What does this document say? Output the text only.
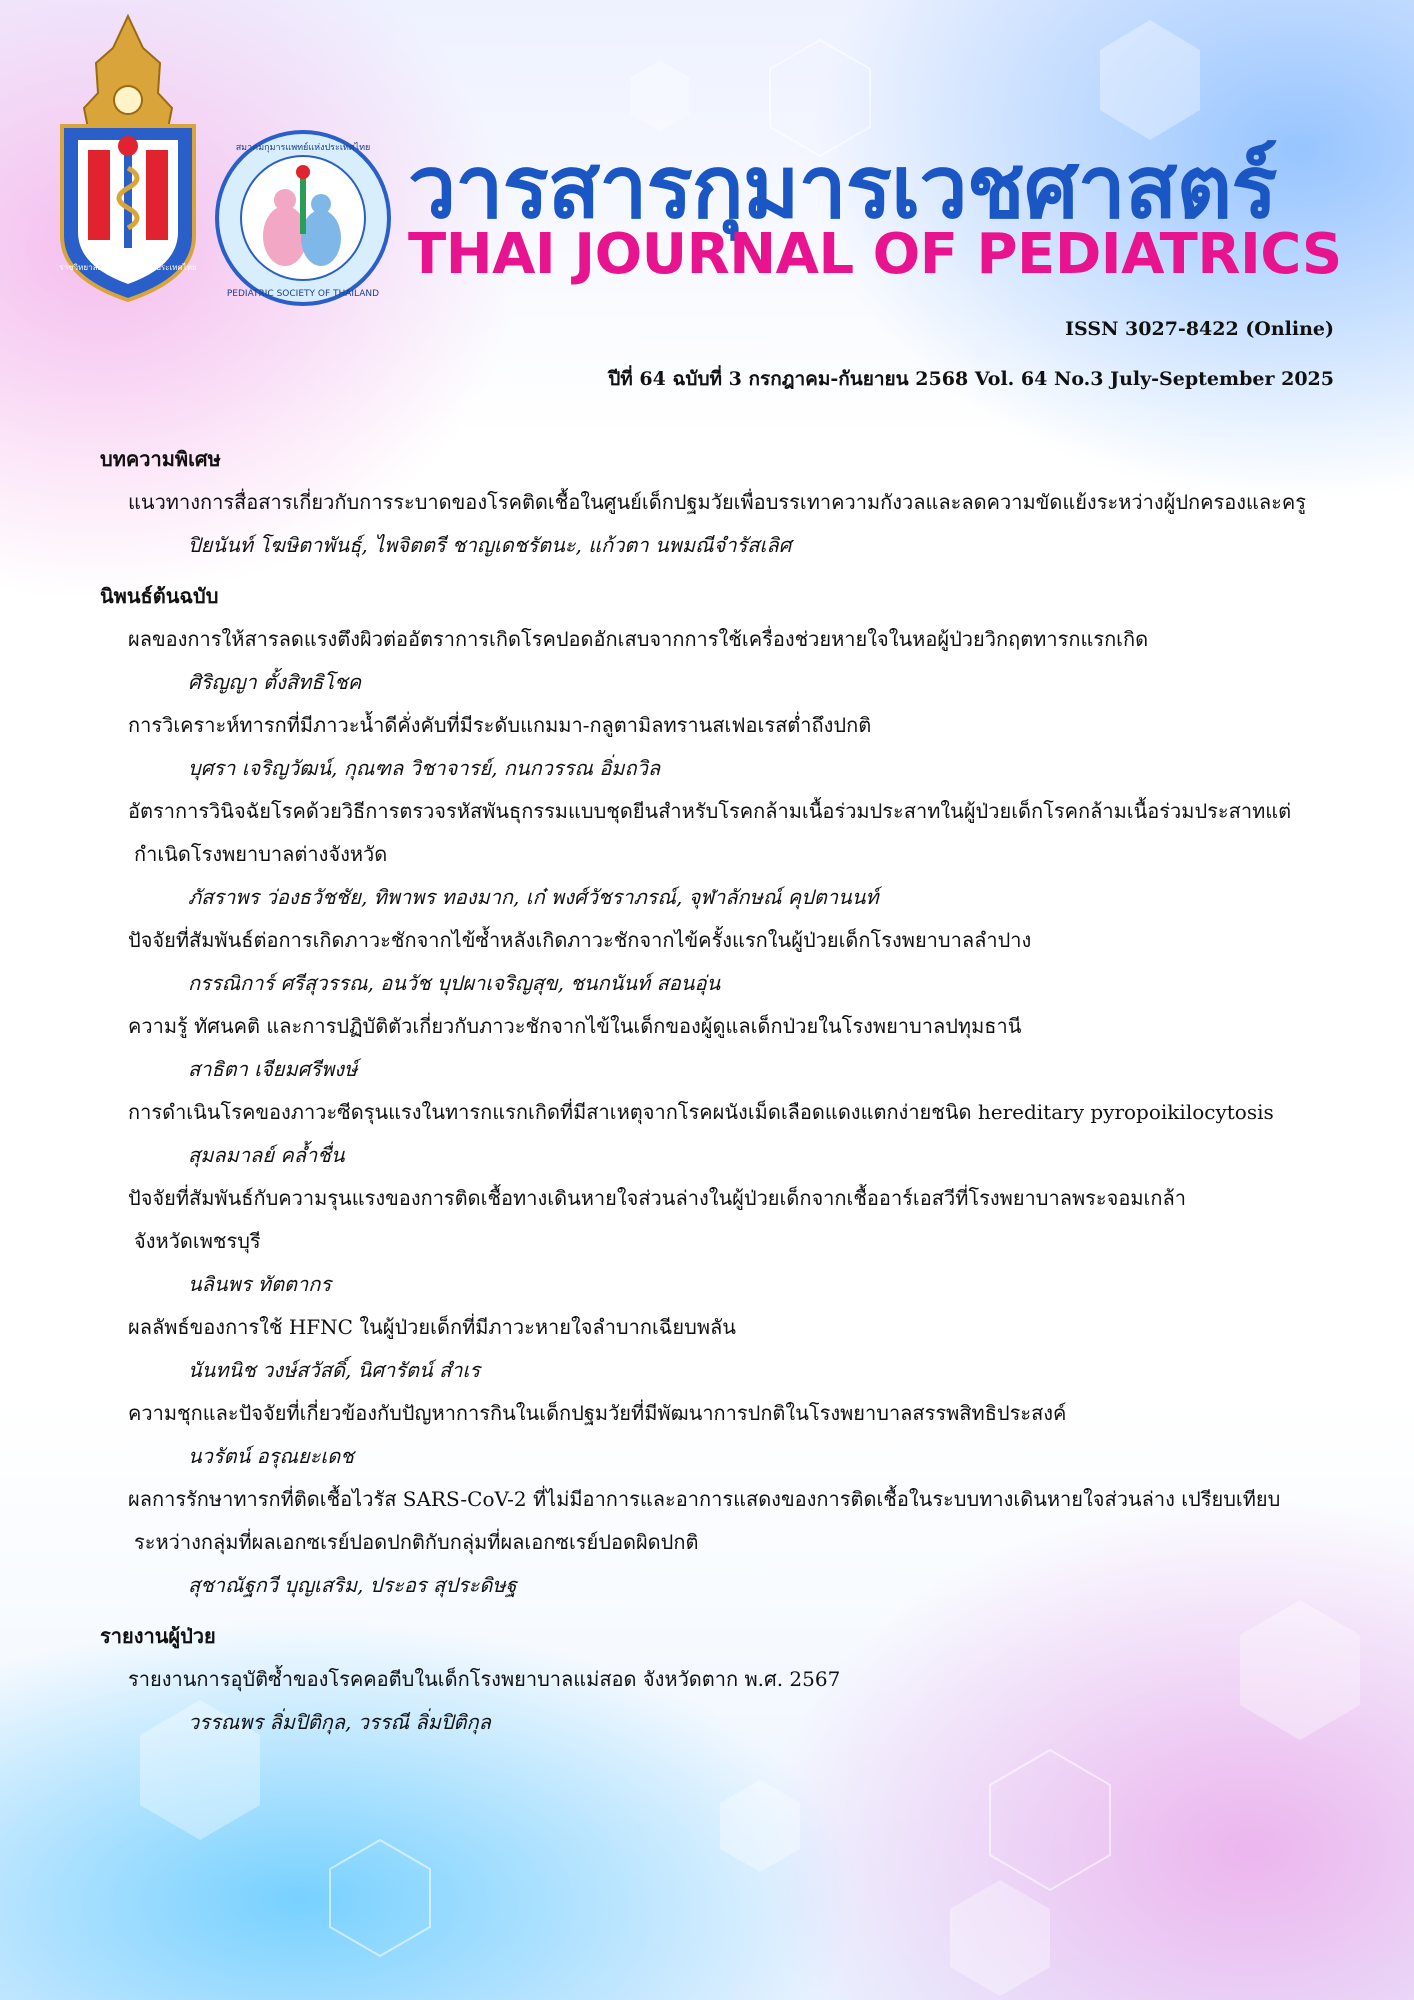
ราชวิทยาลัยกุมารแพทย์แห่งประเทศไทย
สมาคมกุมารแพทย์แห่งประเทศไทย
PEDIATRIC SOCIETY OF THAILAND
วารสารกุมารเวชศาสตร์
THAI JOURNAL OF PEDIATRICS
ISSN 3027-8422 (Online)
ปีที่ 64 ฉบับที่ 3 กรกฎาคม-กันยายน 2568 Vol. 64 No.3 July-September 2025
บทความพิเศษ
แนวทางการสื่อสารเกี่ยวกับการระบาดของโรคติดเชื้อในศูนย์เด็กปฐมวัยเพื่อบรรเทาความกังวลและลดความขัดแย้งระหว่างผู้ปกครองและครู
ปิยนันท์ โฆษิตาพันธุ์, ไพจิตตรี ชาญเดชรัตนะ, แก้วตา นพมณีจำรัสเลิศ
นิพนธ์ต้นฉบับ
ผลของการให้สารลดแรงตึงผิวต่ออัตราการเกิดโรคปอดอักเสบจากการใช้เครื่องช่วยหายใจในหอผู้ป่วยวิกฤตทารกแรกเกิด
ศิริญญา ตั้งสิทธิโชค
การวิเคราะห์ทารกที่มีภาวะน้ำดีคั่งคับที่มีระดับแกมมา-กลูตามิลทรานสเฟอเรสต่ำถึงปกติ
บุศรา เจริญวัฒน์, กุณฑล วิชาจารย์, กนกวรรณ อิ่มถวิล
อัตราการวินิจฉัยโรคด้วยวิธีการตรวจรหัสพันธุกรรมแบบชุดยีนสำหรับโรคกล้ามเนื้อร่วมประสาทในผู้ป่วยเด็กโรคกล้ามเนื้อร่วมประสาทแต่
กำเนิดโรงพยาบาลต่างจังหวัด
ภัสราพร ว่องธวัชชัย, ทิพาพร ทองมาก, เก๋ พงศ์วัชราภรณ์, จุฬาลักษณ์ คุปตานนท์
ปัจจัยที่สัมพันธ์ต่อการเกิดภาวะชักจากไข้ซ้ำหลังเกิดภาวะชักจากไข้ครั้งแรกในผู้ป่วยเด็กโรงพยาบาลลำปาง
กรรณิการ์ ศรีสุวรรณ, อนวัช บุปผาเจริญสุข, ชนกนันท์ สอนอุ่น
ความรู้ ทัศนคติ และการปฏิบัติตัวเกี่ยวกับภาวะชักจากไข้ในเด็กของผู้ดูแลเด็กป่วยในโรงพยาบาลปทุมธานี
สาธิตา เจียมศรีพงษ์
การดำเนินโรคของภาวะซีดรุนแรงในทารกแรกเกิดที่มีสาเหตุจากโรคผนังเม็ดเลือดแดงแตกง่ายชนิด hereditary pyropoikilocytosis
สุมลมาลย์ คล้ำชื่น
ปัจจัยที่สัมพันธ์กับความรุนแรงของการติดเชื้อทางเดินหายใจส่วนล่างในผู้ป่วยเด็กจากเชื้ออาร์เอสวีที่โรงพยาบาลพระจอมเกล้า
จังหวัดเพชรบุรี
นลินพร ทัตตากร
ผลลัพธ์ของการใช้ HFNC ในผู้ป่วยเด็กที่มีภาวะหายใจลำบากเฉียบพลัน
นันทนิช วงษ์สวัสดิ์, นิศารัตน์ สำเร
ความชุกและปัจจัยที่เกี่ยวข้องกับปัญหาการกินในเด็กปฐมวัยที่มีพัฒนาการปกติในโรงพยาบาลสรรพสิทธิประสงค์
นวรัตน์ อรุณยะเดช
ผลการรักษาทารกที่ติดเชื้อไวรัส SARS-CoV-2 ที่ไม่มีอาการและอาการแสดงของการติดเชื้อในระบบทางเดินหายใจส่วนล่าง เปรียบเทียบ
ระหว่างกลุ่มที่ผลเอกซเรย์ปอดปกติกับกลุ่มที่ผลเอกซเรย์ปอดผิดปกติ
สุชาณัฐกวี บุญเสริม, ประอร สุประดิษฐ
รายงานผู้ป่วย
รายงานการอุบัติซ้ำของโรคคอตีบในเด็กโรงพยาบาลแม่สอด จังหวัดตาก พ.ศ. 2567
วรรณพร ลิ่มปิติกุล, วรรณี ลิ่มปิติกุล
